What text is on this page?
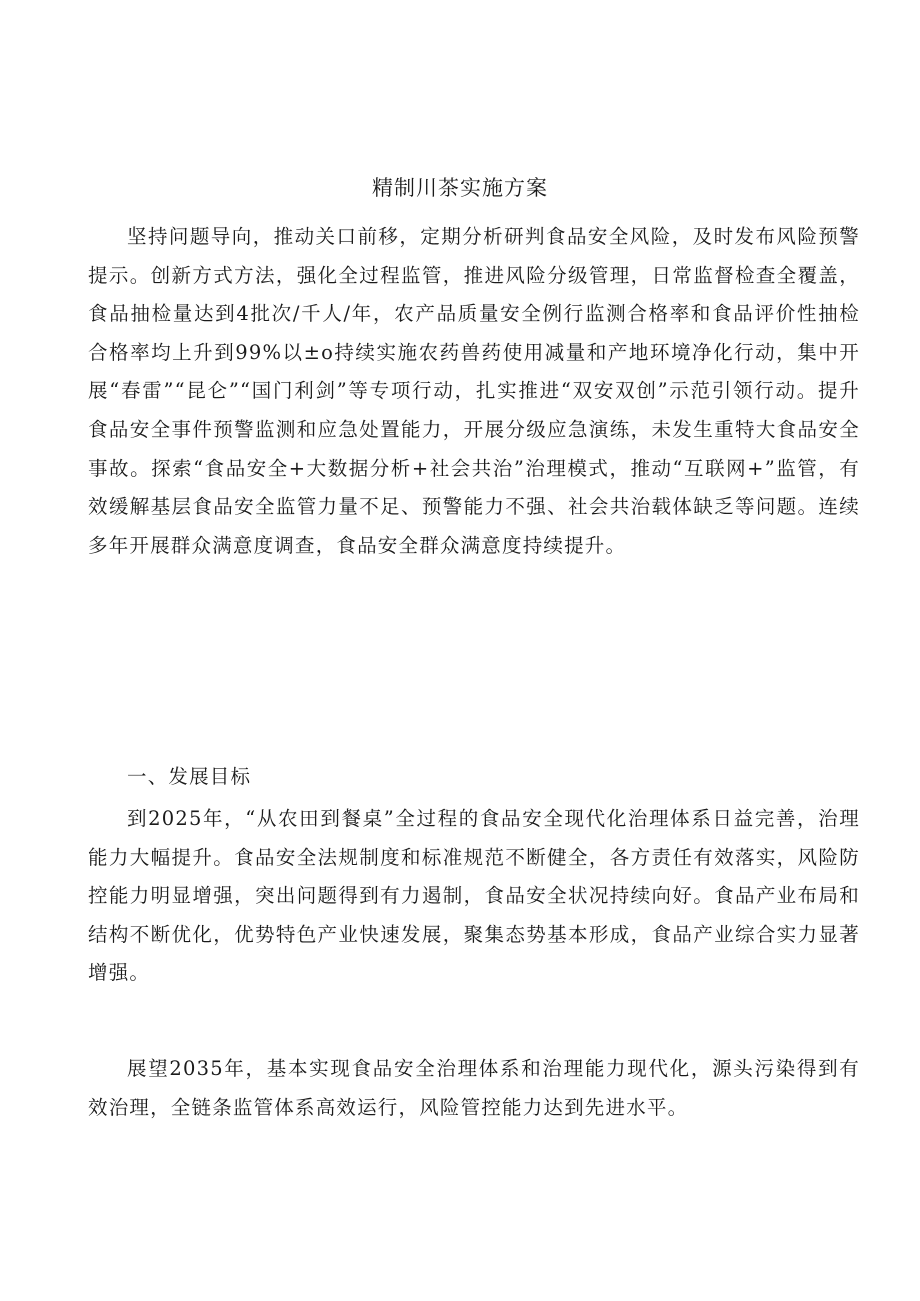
精制川茶实施方案

坚持问题导向，推动关口前移，定期分析研判食品安全风险，及时发布风险预警提示。创新方式方法，强化全过程监管，推进风险分级管理，日常监督检查全覆盖，食品抽检量达到4批次/千人/年，农产品质量安全例行监测合格率和食品评价性抽检合格率均上升到99%以±o持续实施农药兽药使用减量和产地环境净化行动，集中开展“春雷”“昆仑”“国门利剑”等专项行动，扎实推进“双安双创”示范引领行动。提升食品安全事件预警监测和应急处置能力，开展分级应急演练，未发生重特大食品安全事故。探索“食品安全+大数据分析+社会共治”治理模式，推动“互联网+”监管，有效缓解基层食品安全监管力量不足、预警能力不强、社会共治载体缺乏等问题。连续多年开展群众满意度调查，食品安全群众满意度持续提升。

一、发展目标

到2025年，“从农田到餐桌”全过程的食品安全现代化治理体系日益完善，治理能力大幅提升。食品安全法规制度和标准规范不断健全，各方责任有效落实，风险防控能力明显增强，突出问题得到有力遏制，食品安全状况持续向好。食品产业布局和结构不断优化，优势特色产业快速发展，聚集态势基本形成，食品产业综合实力显著增强。

展望2035年，基本实现食品安全治理体系和治理能力现代化，源头污染得到有效治理，全链条监管体系高效运行，风险管控能力达到先进水平。
